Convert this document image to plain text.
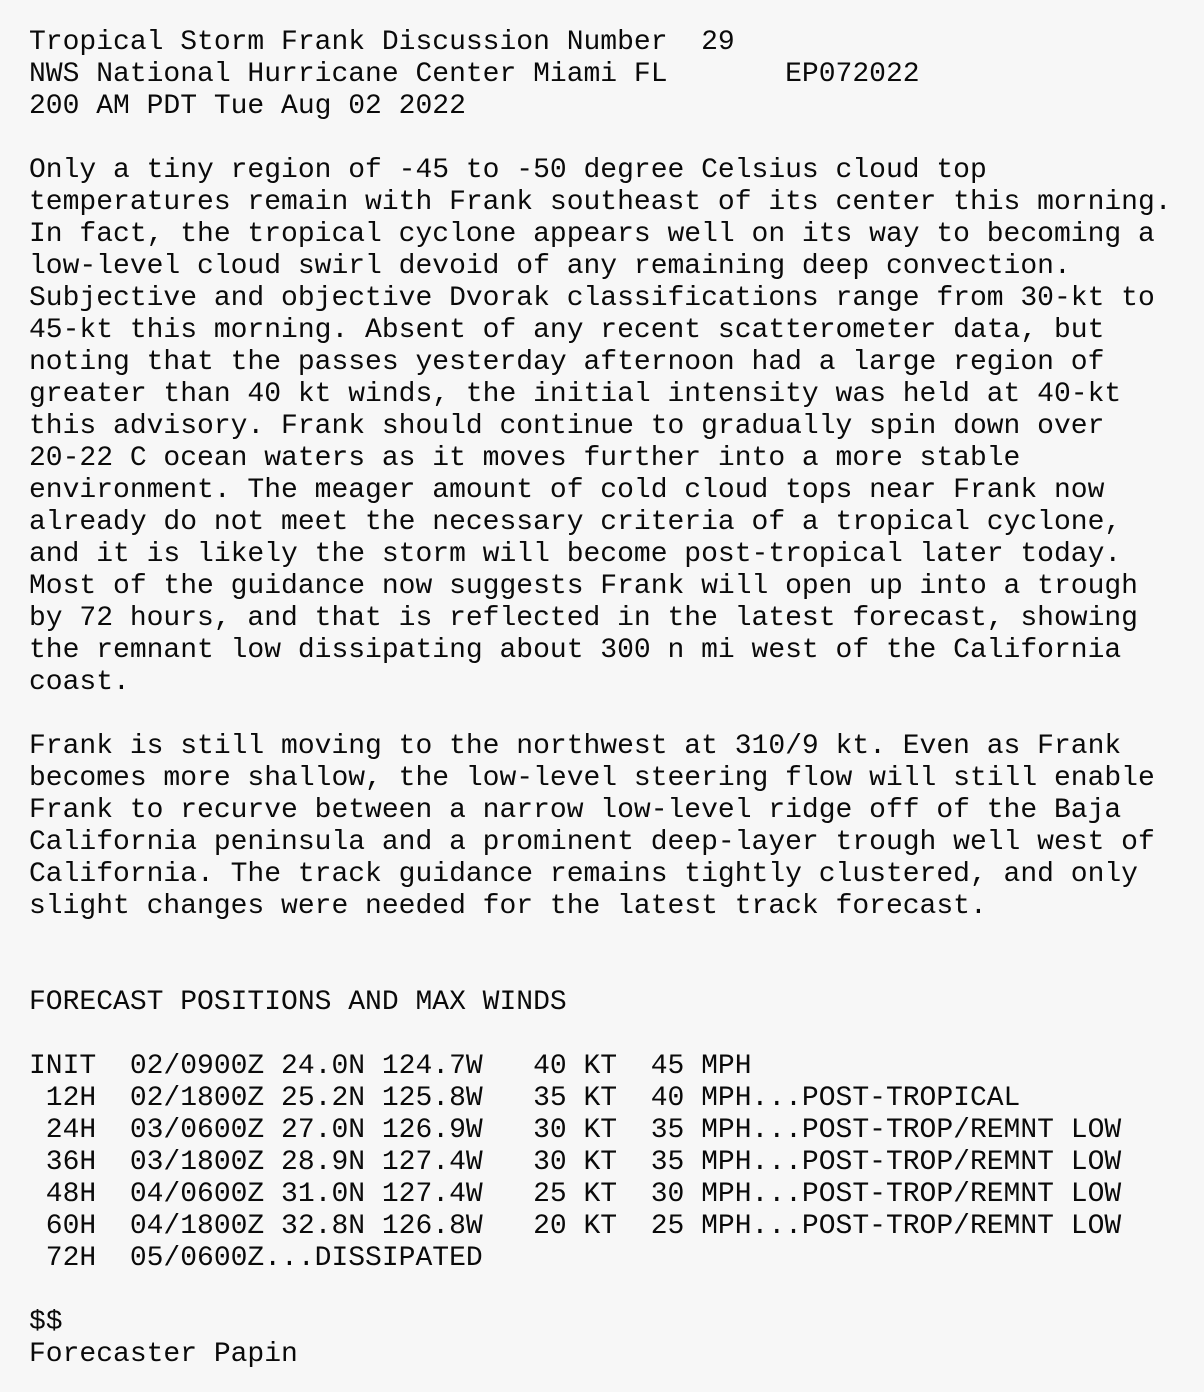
Tropical Storm Frank Discussion Number  29
NWS National Hurricane Center Miami FL       EP072022
200 AM PDT Tue Aug 02 2022
Only a tiny region of -45 to -50 degree Celsius cloud top
temperatures remain with Frank southeast of its center this morning.
In fact, the tropical cyclone appears well on its way to becoming a
low-level cloud swirl devoid of any remaining deep convection.
Subjective and objective Dvorak classifications range from 30-kt to
45-kt this morning. Absent of any recent scatterometer data, but
noting that the passes yesterday afternoon had a large region of
greater than 40 kt winds, the initial intensity was held at 40-kt
this advisory. Frank should continue to gradually spin down over
20-22 C ocean waters as it moves further into a more stable
environment. The meager amount of cold cloud tops near Frank now
already do not meet the necessary criteria of a tropical cyclone,
and it is likely the storm will become post-tropical later today.
Most of the guidance now suggests Frank will open up into a trough
by 72 hours, and that is reflected in the latest forecast, showing
the remnant low dissipating about 300 n mi west of the California
coast.
Frank is still moving to the northwest at 310/9 kt. Even as Frank
becomes more shallow, the low-level steering flow will still enable
Frank to recurve between a narrow low-level ridge off of the Baja
California peninsula and a prominent deep-layer trough well west of
California. The track guidance remains tightly clustered, and only
slight changes were needed for the latest track forecast.
FORECAST POSITIONS AND MAX WINDS
INIT  02/0900Z 24.0N 124.7W   40 KT  45 MPH
12H  02/1800Z 25.2N 125.8W   35 KT  40 MPH...POST-TROPICAL
24H  03/0600Z 27.0N 126.9W   30 KT  35 MPH...POST-TROP/REMNT LOW
36H  03/1800Z 28.9N 127.4W   30 KT  35 MPH...POST-TROP/REMNT LOW
48H  04/0600Z 31.0N 127.4W   25 KT  30 MPH...POST-TROP/REMNT LOW
60H  04/1800Z 32.8N 126.8W   20 KT  25 MPH...POST-TROP/REMNT LOW
72H  05/0600Z...DISSIPATED
$$
Forecaster Papin
